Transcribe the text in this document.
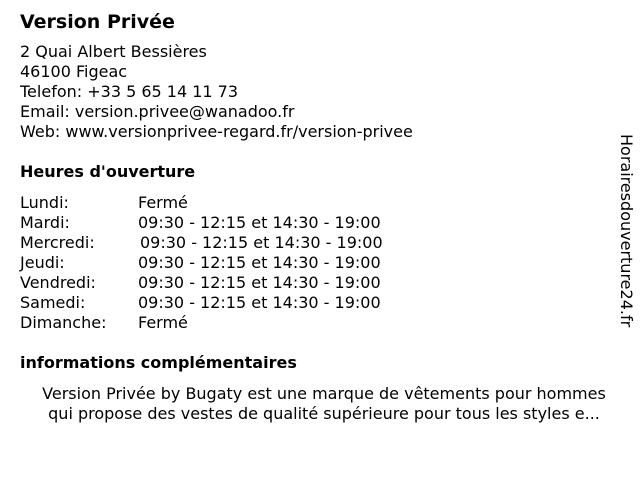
Version Privée
2 Quai Albert Bessières
46100 Figeac
Telefon: +33 5 65 14 11 73
Email: version.privee@wanadoo.fr
Web: www.versionprivee-regard.fr/version-privee
Heures d'ouverture
Lundi:	Fermé
Mardi:	09:30 - 12:15 et 14:30 - 19:00
Mercredi:	09:30 - 12:15 et 14:30 - 19:00
Jeudi:	09:30 - 12:15 et 14:30 - 19:00
Vendredi:	09:30 - 12:15 et 14:30 - 19:00
Samedi:	09:30 - 12:15 et 14:30 - 19:00
Dimanche: Fermé
informations complémentaires
Version Privée by Bugaty est une marque de vêtements pour hommes
qui propose des vestes de qualité supérieure pour tous les styles e...
Horairesdouverture24.fr
